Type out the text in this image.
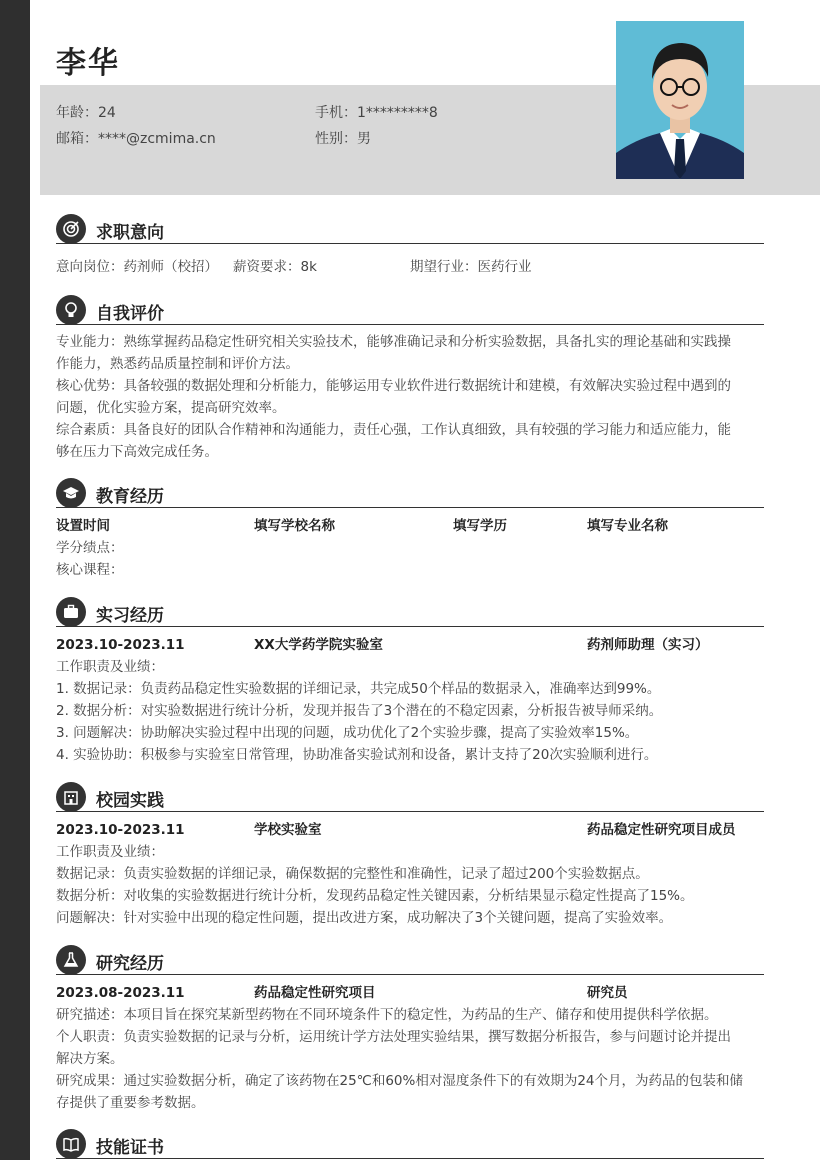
李华
年龄：24	手机：1*********8
邮箱：****@zcmima.cn	性别：男
求职意向
意向岗位：药剂师（校招） 薪资要求：8k	期望行业：医药行业
自我评价
专业能力：熟练掌握药品稳定性研究相关实验技术，能够准确记录和分析实验数据，具备扎实的理论基础和实践操
作能力，熟悉药品质量控制和评价方法。
核心优势：具备较强的数据处理和分析能力，能够运用专业软件进行数据统计和建模，有效解决实验过程中遇到的
问题，优化实验方案，提高研究效率。
综合素质：具备良好的团队合作精神和沟通能力，责任心强，工作认真细致，具有较强的学习能力和适应能力，能
够在压力下高效完成任务。
教育经历
设置时间	填写学校名称	填写学历	填写专业名称
学分绩点：
核心课程：
实习经历
2023.10-2023.11	XX大学药学院实验室	药剂师助理（实习）
工作职责及业绩：
1. 数据记录：负责药品稳定性实验数据的详细记录，共完成50个样品的数据录入，准确率达到99%。
2. 数据分析：对实验数据进行统计分析，发现并报告了3个潜在的不稳定因素，分析报告被导师采纳。
3. 问题解决：协助解决实验过程中出现的问题，成功优化了2个实验步骤，提高了实验效率15%。
4. 实验协助：积极参与实验室日常管理，协助准备实验试剂和设备，累计支持了20次实验顺利进行。
校园实践
2023.10-2023.11	学校实验室	药品稳定性研究项目成员
工作职责及业绩：
数据记录：负责实验数据的详细记录，确保数据的完整性和准确性，记录了超过200个实验数据点。
数据分析：对收集的实验数据进行统计分析，发现药品稳定性关键因素，分析结果显示稳定性提高了15%。
问题解决：针对实验中出现的稳定性问题，提出改进方案，成功解决了3个关键问题，提高了实验效率。
研究经历
2023.08-2023.11	药品稳定性研究项目	研究员
研究描述：本项目旨在探究某新型药物在不同环境条件下的稳定性，为药品的生产、储存和使用提供科学依据。
个人职责：负责实验数据的记录与分析，运用统计学方法处理实验结果，撰写数据分析报告，参与问题讨论并提出
解决方案。
研究成果：通过实验数据分析，确定了该药物在25℃和60%相对湿度条件下的有效期为24个月，为药品的包装和储
存提供了重要参考数据。
技能证书
